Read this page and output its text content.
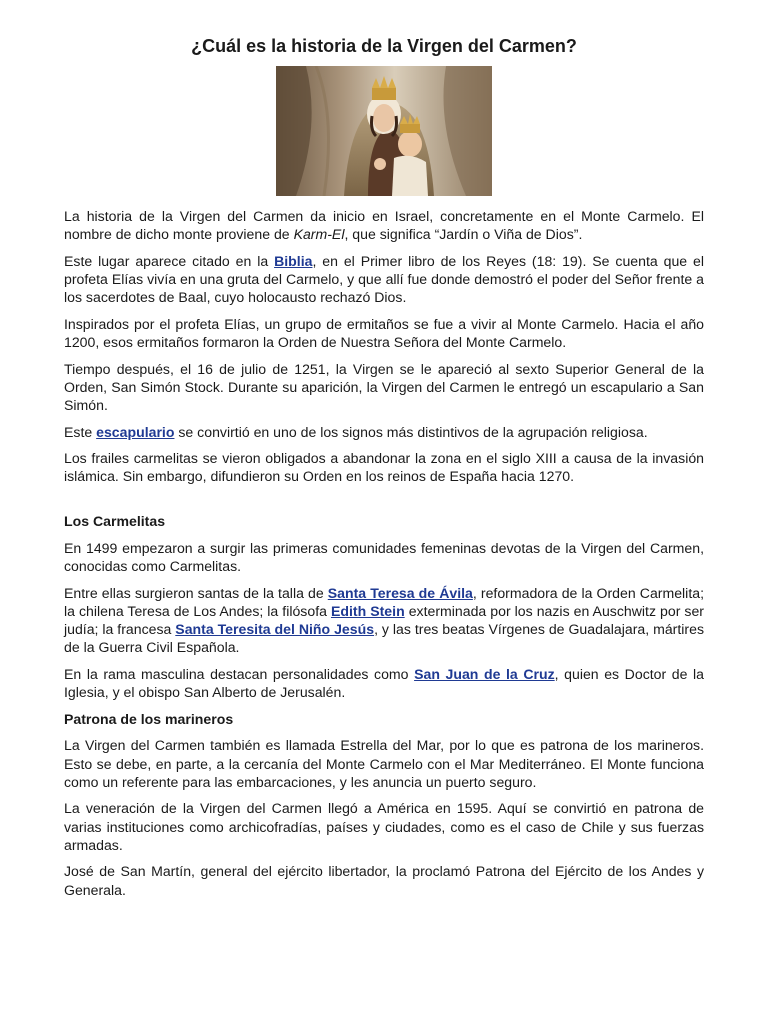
¿Cuál es la historia de la Virgen del Carmen?

La historia de la Virgen del Carmen da inicio en Israel, concretamente en el Monte Carmelo. El nombre de dicho monte proviene de Karm-El, que significa “Jardín o Viña de Dios”.

Este lugar aparece citado en la Biblia, en el Primer libro de los Reyes (18: 19). Se cuenta que el profeta Elías vivía en una gruta del Carmelo, y que allí fue donde demostró el poder del Señor frente a los sacerdotes de Baal, cuyo holocausto rechazó Dios.

Inspirados por el profeta Elías, un grupo de ermitaños se fue a vivir al Monte Carmelo. Hacia el año 1200, esos ermitaños formaron la Orden de Nuestra Señora del Monte Carmelo.

Tiempo después, el 16 de julio de 1251, la Virgen se le apareció al sexto Superior General de la Orden, San Simón Stock. Durante su aparición, la Virgen del Carmen le entregó un escapulario a San Simón.

Este escapulario se convirtió en uno de los signos más distintivos de la agrupación religiosa.

Los frailes carmelitas se vieron obligados a abandonar la zona en el siglo XIII a causa de la invasión islámica. Sin embargo, difundieron su Orden en los reinos de España hacia 1270.

Los Carmelitas

En 1499 empezaron a surgir las primeras comunidades femeninas devotas de la Virgen del Carmen, conocidas como Carmelitas.

Entre ellas surgieron santas de la talla de Santa Teresa de Ávila, reformadora de la Orden Carmelita; la chilena Teresa de Los Andes; la filósofa Edith Stein exterminada por los nazis en Auschwitz por ser judía; la francesa Santa Teresita del Niño Jesús, y las tres beatas Vírgenes de Guadalajara, mártires de la Guerra Civil Española.

En la rama masculina destacan personalidades como San Juan de la Cruz, quien es Doctor de la Iglesia, y el obispo San Alberto de Jerusalén.

Patrona de los marineros

La Virgen del Carmen también es llamada Estrella del Mar, por lo que es patrona de los marineros. Esto se debe, en parte, a la cercanía del Monte Carmelo con el Mar Mediterráneo. El Monte funciona como un referente para las embarcaciones, y les anuncia un puerto seguro.

La veneración de la Virgen del Carmen llegó a América en 1595. Aquí se convirtió en patrona de varias instituciones como archicofradías, países y ciudades, como es el caso de Chile y sus fuerzas armadas.

José de San Martín, general del ejército libertador, la proclamó Patrona del Ejército de los Andes y Generala.
